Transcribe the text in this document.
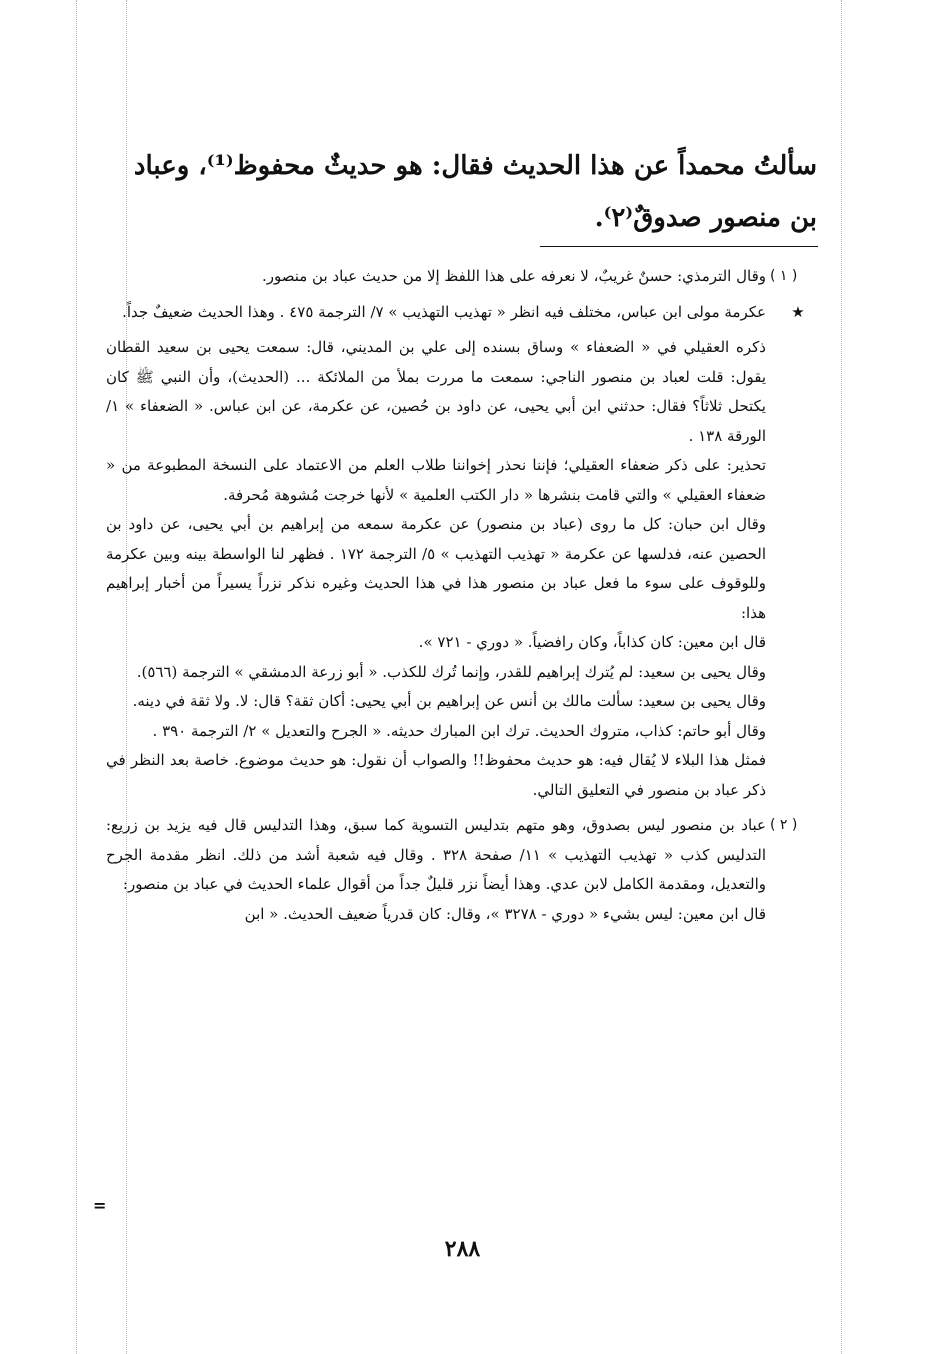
سألتُ محمداً عن هذا الحديث فقال: هو حديثٌ محفوظ⁽¹⁾، وعباد بن منصور صدوقٌ⁽٢⁾.
( ١ )

وقال الترمذي: حسنٌ غريبٌ، لا نعرفه على هذا اللفظ إلا من حديث عباد بن منصور.

★

عكرمة مولى ابن عباس، مختلف فيه انظر « تهذيب التهذيب » ٧/ الترجمة ٤٧٥ . وهذا الحديث ضعيفٌ جداً.

ذكره العقيلي في « الضعفاء » وساق بسنده إلى علي بن المديني، قال: سمعت يحيى بن سعيد القطان يقول: قلت لعباد بن منصور الناجي: سمعت ما مررت بملأ من الملائكة ... (الحديث)، وأن النبي ﷺ كان يكتحل ثلاثاً؟ فقال: حدثني ابن أبي يحيى، عن داود بن حُصين، عن عكرمة، عن ابن عباس. « الضعفاء » ١/ الورقة ١٣٨ .

تحذير: على ذكر ضعفاء العقيلي؛ فإننا نحذر إخواننا طلاب العلم من الاعتماد على النسخة المطبوعة من « ضعفاء العقيلي » والتي قامت بنشرها « دار الكتب العلمية » لأنها خرجت مُشوهة مُحرفة.

وقال ابن حبان: كل ما روى (عباد بن منصور) عن عكرمة سمعه من إبراهيم بن أبي يحيى، عن داود بن الحصين عنه، فدلسها عن عكرمة « تهذيب التهذيب » ٥/ الترجمة ١٧٢ . فظهر لنا الواسطة بينه وبين عكرمة وللوقوف على سوء ما فعل عباد بن منصور هذا في هذا الحديث وغيره نذكر نزراً يسيراً من أخبار إبراهيم هذا:

قال ابن معين: كان كذاباً، وكان رافضياً. « دوري - ٧٢١ ».

وقال يحيى بن سعيد: لم يُترك إبراهيم للقدر، وإنما تُرك للكذب. « أبو زرعة الدمشقي » الترجمة (٥٦٦).

وقال يحيى بن سعيد: سألت مالك بن أنس عن إبراهيم بن أبي يحيى: أكان ثقة؟ قال: لا. ولا ثقة في دينه.

وقال أبو حاتم: كذاب، متروك الحديث. ترك ابن المبارك حديثه. « الجرح والتعديل » ٢/ الترجمة ٣٩٠ .

فمثل هذا البلاء لا يُقال فيه: هو حديث محفوظ!! والصواب أن نقول: هو حديث موضوع. خاصة بعد النظر في ذكر عباد بن منصور في التعليق التالي.

( ٢ )

عباد بن منصور ليس بصدوق، وهو متهم بتدليس التسوية كما سبق، وهذا التدليس قال فيه يزيد بن زريع: التدليس كذب « تهذيب التهذيب » ١١/ صفحة ٣٢٨ . وقال فيه شعبة أشد من ذلك. انظر مقدمة الجرح والتعديل، ومقدمة الكامل لابن عدي. وهذا أيضاً نزر قليلٌ جداً من أقوال علماء الحديث في عباد بن منصور:

قال ابن معين: ليس بشيء « دوري - ٣٢٧٨ »، وقال: كان قدرياً ضعيف الحديث. « ابن

=
٢٨٨
